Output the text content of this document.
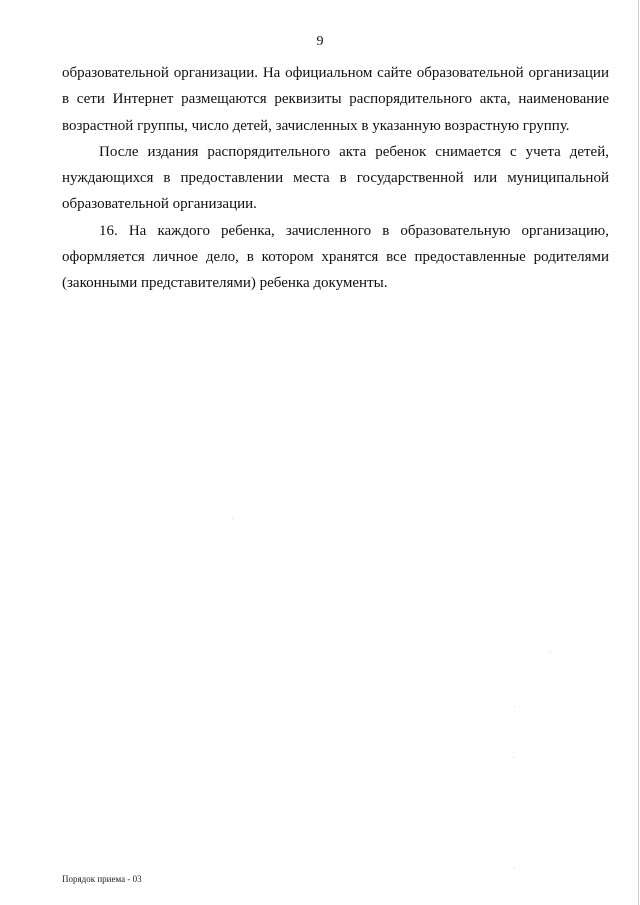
9
образовательной организации. На официальном сайте образовательной организации
в сети Интернет размещаются реквизиты распорядительного акта, наименование
возрастной группы, число детей, зачисленных в указанную возрастную группу.
После издания распорядительного акта ребенок снимается с учета детей,
нуждающихся в предоставлении места в государственной или муниципальной
образовательной организации.
16. На каждого ребенка, зачисленного в образовательную организацию,
оформляется личное дело, в котором хранятся все предоставленные родителями
(законными представителями) ребенка документы.
Порядок приема - 03
